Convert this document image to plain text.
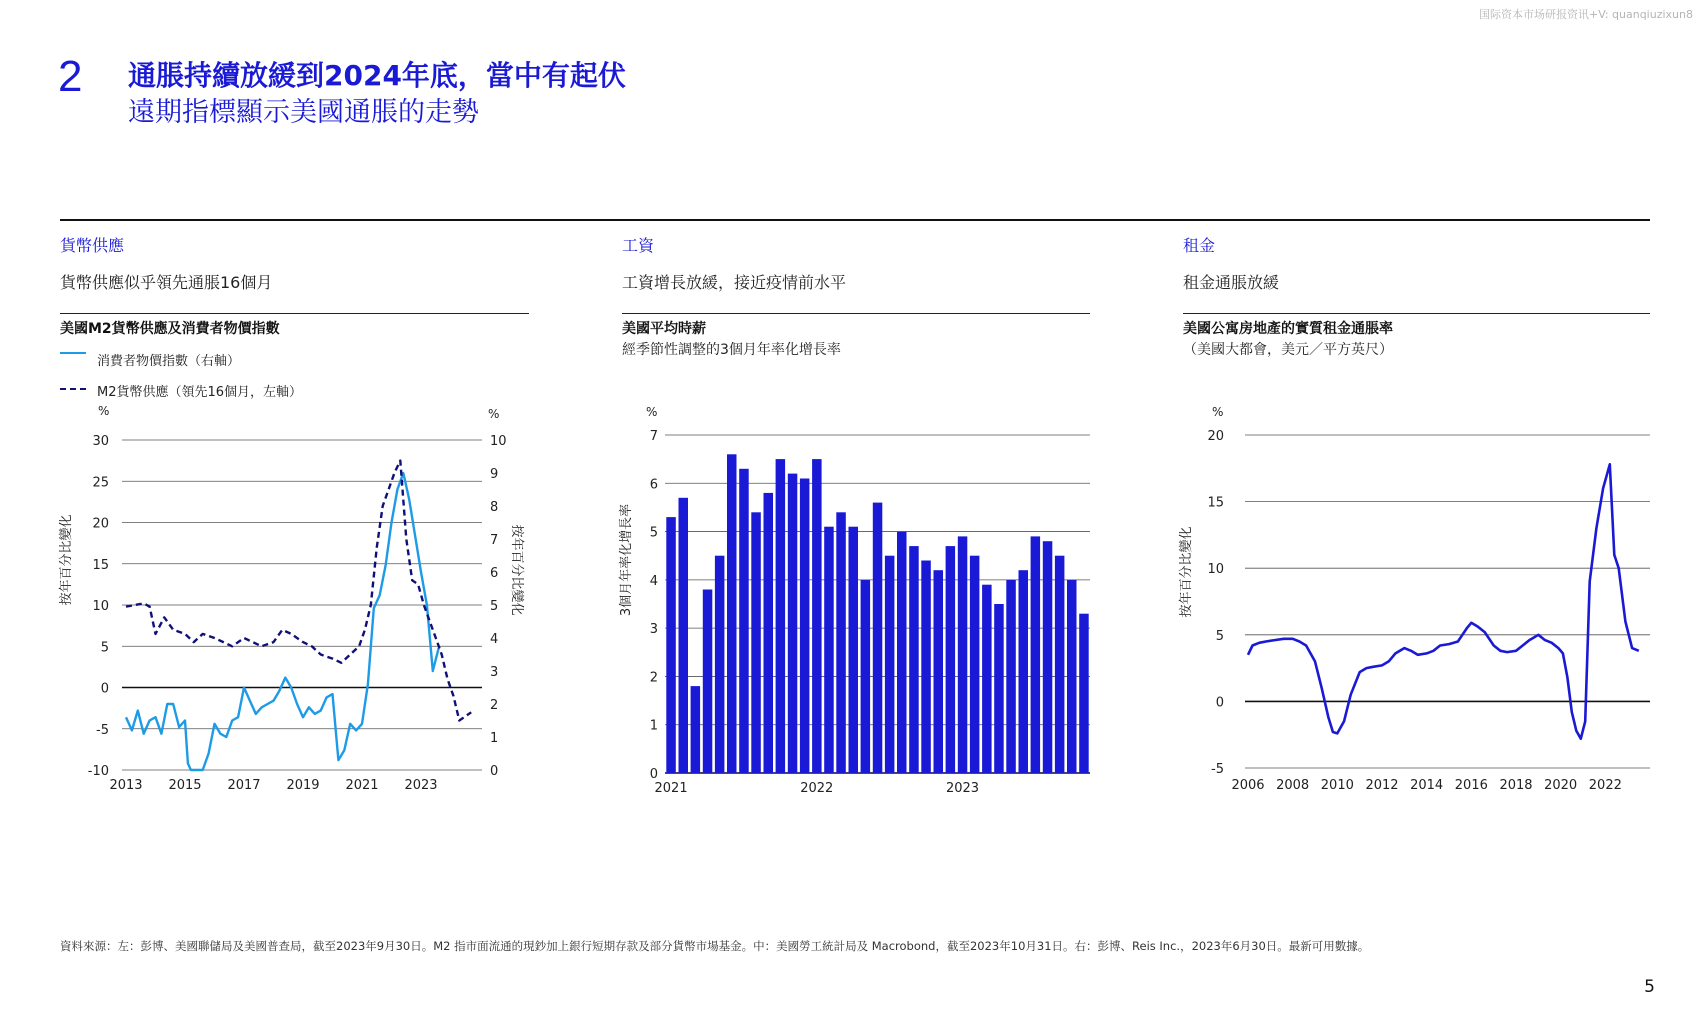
国际资本市场研报资讯+V: quanqiuzixun8
2 通脹持續放緩到2024年底，當中有起伏
遠期指標顯示美國通脹的走勢
貨幣供應
貨幣供應似乎領先通脹16個月
美國M2貨幣供應及消費者物價指數
消費者物價指數（右軸）
M2貨幣供應（領先16個月，左軸）
%	%
30
25
20
15
10
5
0
-5
-10
10
9
8
7
6
5
4
3
2
1
0
2013 2015 2017 2019 2021 2023
按年百分比變化	按年百分比變化
%
0
1
2
3
4
5
6
7
3個月年率化增長率
2021	2022	2023
%
20
15
10
5
0
-5
按年百分比變化
2006 2008 2010 2012 2014 2016 2018 2020 2022
工資
工資增長放緩，接近疫情前水平
美國平均時薪
經季節性調整的3個月年率化增長率
租金
租金通脹放緩
美國公寓房地產的實質租金通脹率
（美國大都會，美元／平方英尺）
資料來源：左：彭博、美國聯儲局及美國普查局，截至2023年9月30日。M2 指市面流通的現鈔加上銀行短期存款及部分貨幣市場基金。中：美國勞工統計局及 Macrobond，截至2023年10月31日。右：彭博、Reis Inc.，2023年6月30日。最新可用數據。
5
